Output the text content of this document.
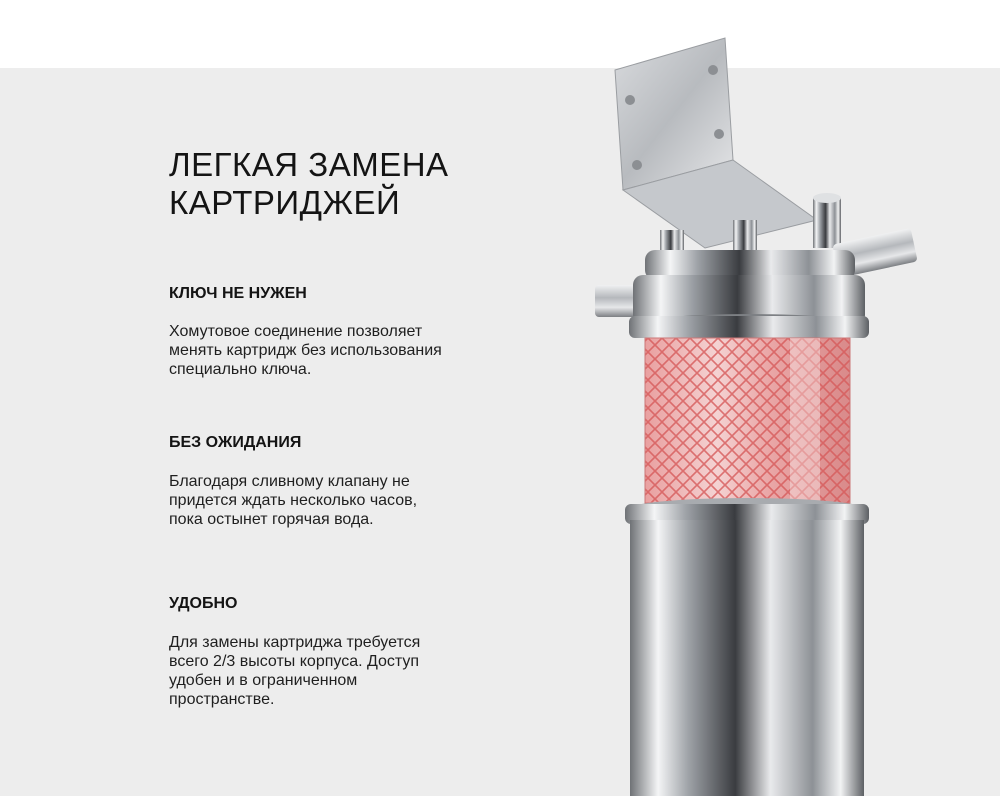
ЛЕГКАЯ ЗАМЕНА
КАРТРИДЖЕЙ
КЛЮЧ НЕ НУЖЕН

Хомутовое соединение позволяет
менять картридж без использования
специально ключа.

БЕЗ ОЖИДАНИЯ

Благодаря сливному клапану не
придется ждать несколько часов,
пока остынет горячая вода.

УДОБНО

Для замены картриджа требуется
всего 2/3 высоты корпуса. Доступ
удобен и в ограниченном
пространстве.
